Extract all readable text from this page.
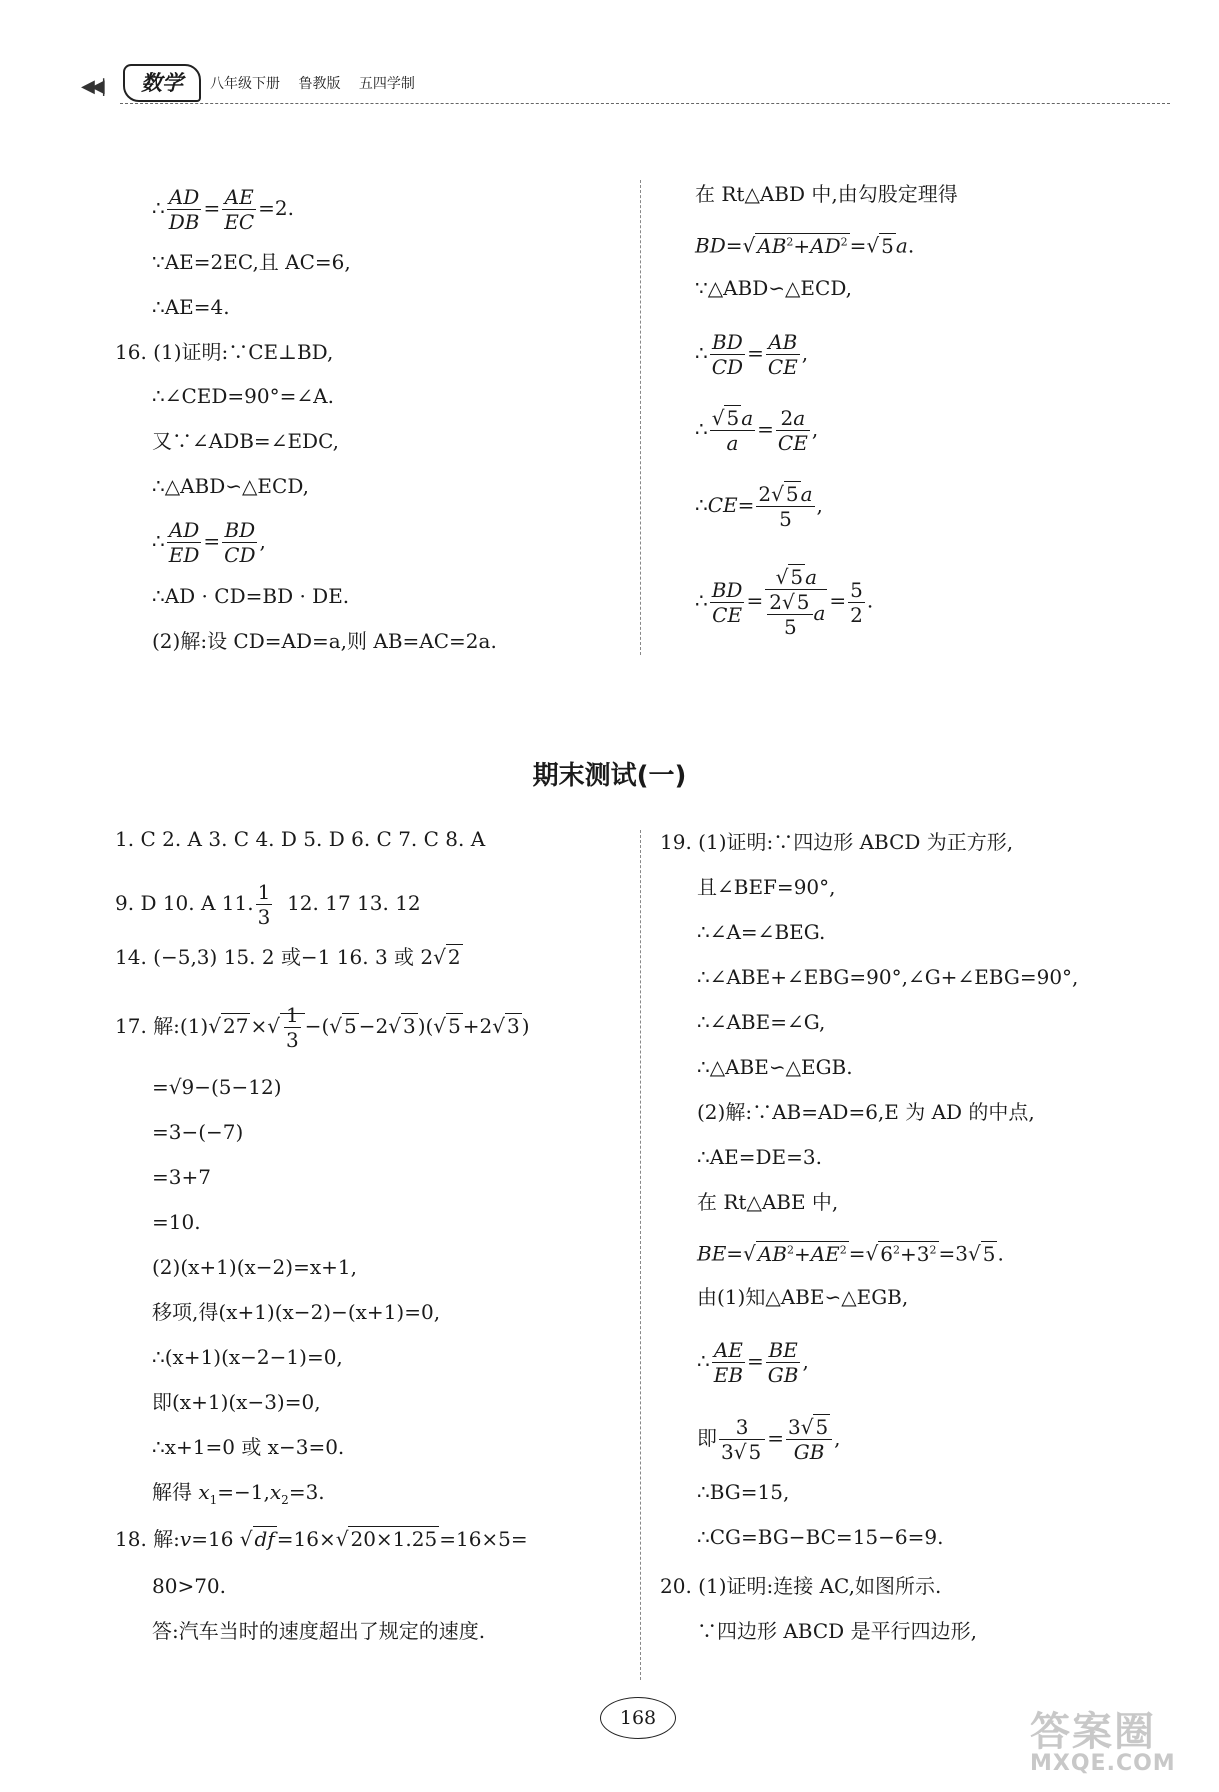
◀◀|	数学	八年级下册 鲁教版 五四学制
∴ $\frac{AD}{DB} = \frac{AE}{EC} =2$.
∵AE=2EC,且 AC=6,
∴AE=4.
16. (1)证明:∵CE⊥BD,
∴∠CED=90°=∠A.
又∵∠ADB=∠EDC,
∴△ABD∽△ECD,
∴ $\frac{AD}{ED} = \frac{BD}{CD}$ ,
∴AD · CD=BD · DE.
(2)解:设 CD=AD=a,则 AB=AC=2a.
在 Rt△ABD 中,由勾股定理得
BD=√ $AB^2+AD^2$ =√ 5 a.
∵△ABD∽△ECD,
∴ $\frac{BD}{CD} = \frac{AB}{CE}$ ,
∴ $\frac{√ 5 a}{a} = \frac{2a}{CE}$ ,
∴CE= $\frac{2√ 5 a}{5}$ ,
∴ $\frac{BD}{CE} = \frac{√ 5 a}{\frac{2√ 5}{5} a} = \frac{5}{2}$ .
期末测试(一)
1. C 2. A 3. C 4. D 5. D 6. C 7. C 8. A
9. D 10. A 11. $\frac{1}{3} 12$. 17 13. 12
14. (−5,3) 15. 2 或−1 16. 3 或 2√ 2
17. 解:(1)√ 27 ×√ $\frac{1}{3}$ −(√ 5 −2√ 3 )(√ 5 +2√ 3 )
=√9−(5−12)
=3−(−7)
=3+7
=10.
(2)(x+1)(x−2)=x+1,
移项,得(x+1)(x−2)−(x+1)=0,
∴(x+1)(x−2−1)=0,
即(x+1)(x−3)=0,
∴x+1=0 或 x−3=0.
解得 $x_1=-1,x_2=3$.
18. 解:v=16 √ df =16×√ 20×1.25 =16×5=
80>70.
答:汽车当时的速度超出了规定的速度.
19. (1)证明:∵四边形 ABCD 为正方形,
且∠BEF=90°,
∴∠A=∠BEG.
∴∠ABE+∠EBG=90°,∠G+∠EBG=90°,
∴∠ABE=∠G,
∴△ABE∽△EGB.
(2)解:∵AB=AD=6,E 为 AD 的中点,
∴AE=DE=3.
在 Rt△ABE 中,
BE=√ $AB^2+AE^2$ =√ $6^2+3^2 =3√$ 5 .
由(1)知△ABE∽△EGB,
∴ $\frac{AE}{EB} = \frac{BE}{GB}$ ,
即 $\frac{3}{3√ 5} = \frac{3√ 5}{GB}$ ,
∴BG=15,
∴CG=BG−BC=15−6=9.
20. (1)证明:连接 AC,如图所示.
∵四边形 ABCD 是平行四边形,
168	答案圈
MXQE.COM
